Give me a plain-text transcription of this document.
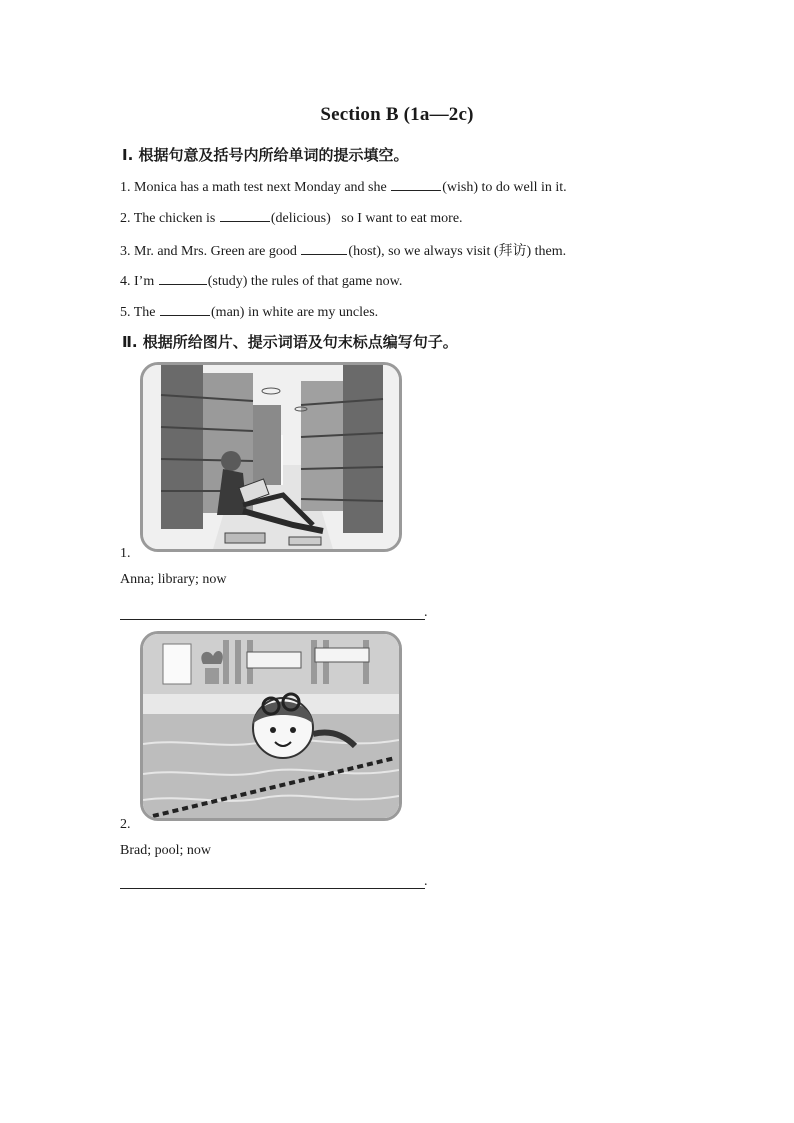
Section B (1a—2c)
Ⅰ. 根据句意及括号内所给单词的提示填空。
1. Monica has a math test next Monday and she	(wish) to do well in it.
2. The chicken is	(delicious)   so I want to eat more.
3. Mr. and Mrs. Green are good	(host), so we always visit (拜访) them.
4. I’m	(study) the rules of that game now.
5. The	(man) in white are my uncles.
Ⅱ. 根据所给图片、提示词语及句末标点编写句子。
1.
Anna; library; now
.
2.
Brad; pool; now
.
